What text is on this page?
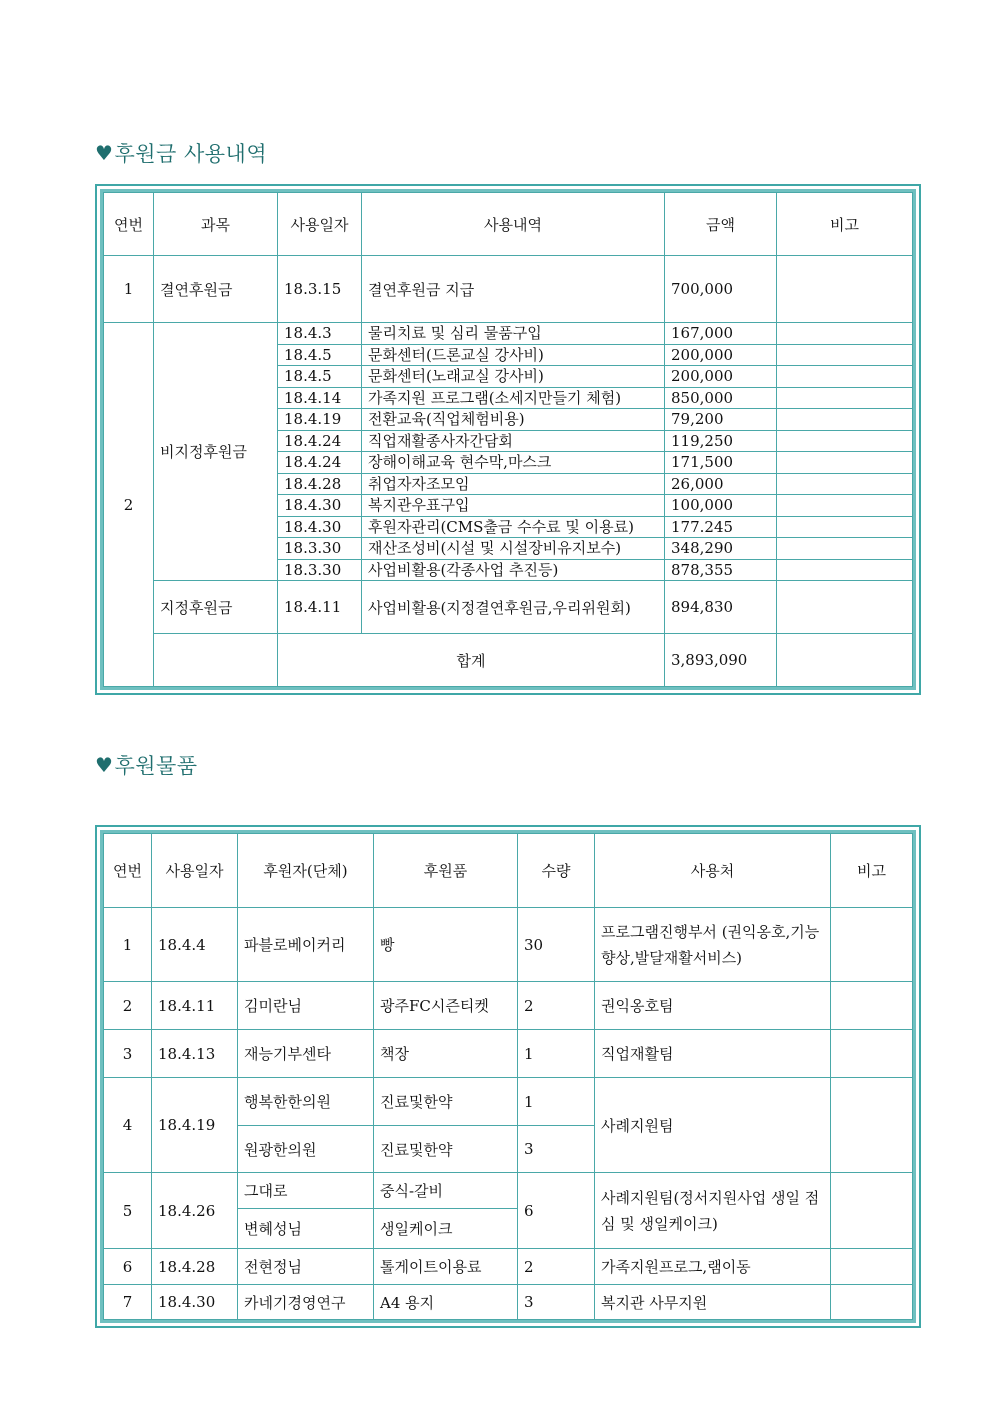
♥ 후원금 사용내역
연번	과목	사용일자	사용내역	금액	비고
1	결연후원금	18.3.15	결연후원금 지급	700,000	
2	비지정후원금	18.4.3	물리치료 및 심리 물품구입	167,000	
		18.4.5	문화센터(드론교실 강사비)	200,000	
		18.4.5	문화센터(노래교실 강사비)	200,000	
		18.4.14	가족지원 프로그램(소세지만들기 체험)	850,000	
		18.4.19	전환교육(직업체험비용)	79,200	
		18.4.24	직업재활종사자간담회	119,250	
		18.4.24	장해이해교육 현수막,마스크	171,500	
		18.4.28	취업자자조모임	26,000	
		18.4.30	복지관우표구입	100,000	
		18.4.30	후원자관리(CMS출금 수수료 및 이용료)	177.245	
		18.3.30	재산조성비(시설 및 시설장비유지보수)	348,290	
		18.3.30	사업비활용(각종사업 추진등)	878,355	
	지정후원금	18.4.11	사업비활용(지정결연후원금,우리위원회)	894,830	
		합계		3,893,090	
♥ 후원물품
연번	사용일자	후원자(단체)	후원품	수량	사용처	비고
1	18.4.4	파블로베이커리	빵	30	프로그램진행부서 (권익옹호,기능향상,발달재활서비스)	
2	18.4.11	김미란님	광주FC시즌티켓	2	권익옹호팀	
3	18.4.13	재능기부센타	책장	1	직업재활팀	
4	18.4.19	행복한한의원	진료및한약	1	사례지원팀	
		원광한의원	진료및한약	3		
5	18.4.26	그대로	중식-갈비	6	사례지원팀(정서지원사업 생일 점심 및 생일케이크)	
		변혜성님	생일케이크			
6	18.4.28	전현정님	톨게이트이용료	2	가족지원프로그,램이동	
7	18.4.30	카네기경영연구	A4 용지	3	복지관 사무지원	
